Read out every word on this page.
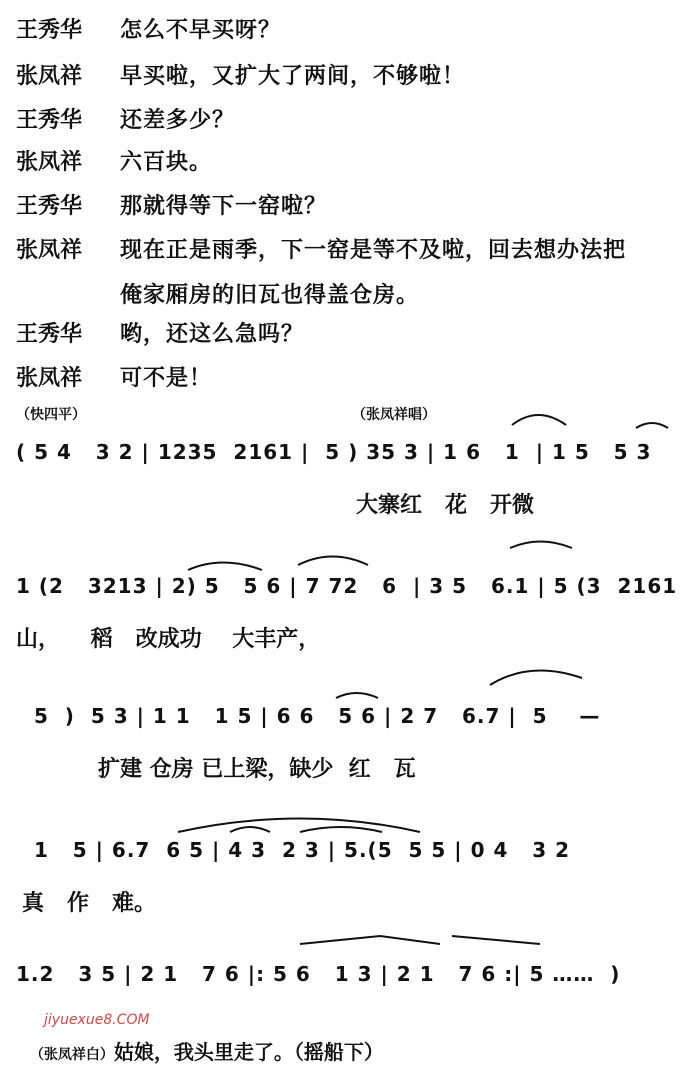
王秀华	怎么不早买呀？
张凤祥	早买啦，又扩大了两间，不够啦！
王秀华	还差多少？
张凤祥	六百块。
王秀华	那就得等下一窑啦？
张凤祥	现在正是雨季，下一窑是等不及啦，回去想办法把
俺家厢房的旧瓦也得盖仓房。
王秀华	哟，还这么急吗？
张凤祥	可不是！
（快四平）	（张凤祥唱）
( 5 4   3 2 | 1235  2161 |  5 ) 35 3 | 1 6   1  | 1 5   5 3
大寨红   花   开微
1 (2   3213 | 2) 5   5 6 | 7 72   6  | 3 5   6.1 | 5 (3  2161
山，    稻   改成功    大丰产，
5  )  5 3 | 1 1   1 5 | 6 6   5 6 | 2 7   6.7 |  5    —
扩建 仓房 已上梁，缺少  红   瓦
1   5 | 6.7  6 5 | 4 3  2 3 | 5.(5  5 5 | 0 4   3 2
真   作   难。
1.2   3 5 | 2 1   7 6 |: 5 6   1 3 | 2 1   7 6 :| 5 ……  )

（张凤祥白）姑娘，我头里走了。（摇船下）

jiyuexue8.COM
